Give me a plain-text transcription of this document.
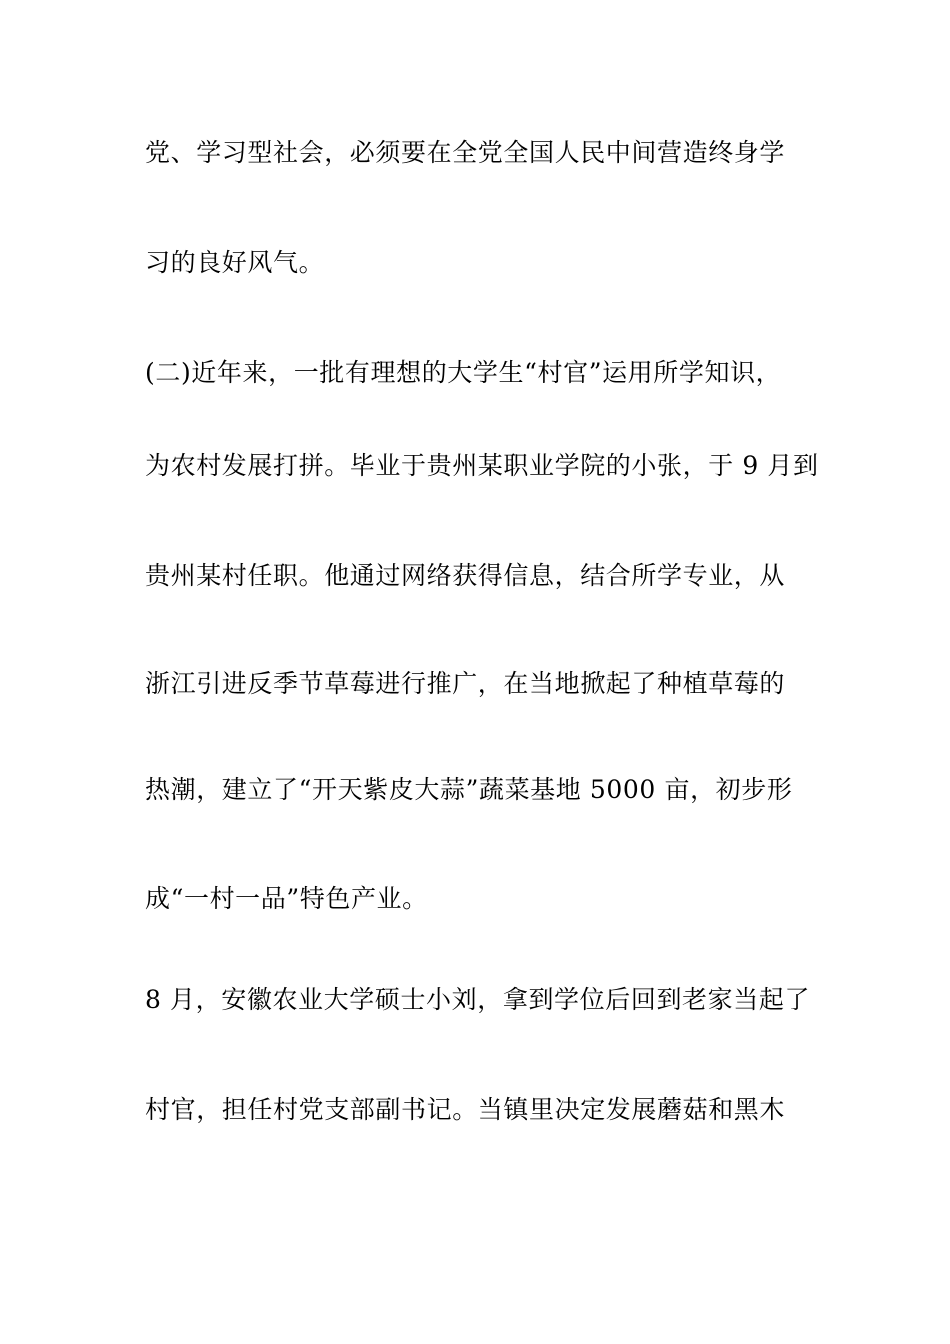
党、学习型社会，必须要在全党全国人民中间营造终身学
习的良好风气。
(二)近年来，一批有理想的大学生“村官”运用所学知识，
为农村发展打拼。毕业于贵州某职业学院的小张，于 9 月到
贵州某村任职。他通过网络获得信息，结合所学专业，从
浙江引进反季节草莓进行推广，在当地掀起了种植草莓的
热潮，建立了“开天紫皮大蒜”蔬菜基地 5000 亩，初步形
成“一村一品”特色产业。
8 月，安徽农业大学硕士小刘，拿到学位后回到老家当起了
村官，担任村党支部副书记。当镇里决定发展蘑菇和黑木
